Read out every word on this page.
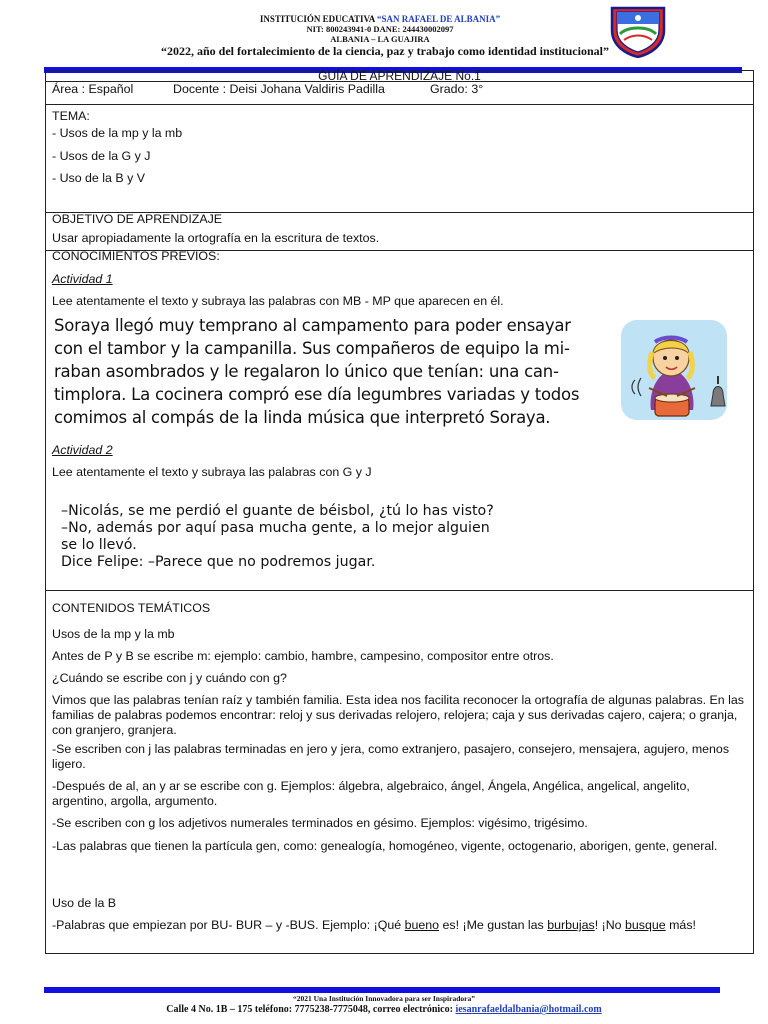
INSTITUCIÓN EDUCATIVA “SAN RAFAEL DE ALBANIA”
NIT: 800243941-0 DANE: 244430002097
ALBANIA – LA GUAJIRA
“2022, año del fortalecimiento de la ciencia, paz y trabajo como identidad institucional”
GUÍA DE APRENDIZAJE No.1
Área : Español	Docente : Deisi Johana Valdiris Padilla	Grado: 3°
TEMA:
- Usos de la mp y la mb
- Usos de la G y J
- Uso de la B y V
OBJETIVO DE APRENDIZAJE
Usar apropiadamente la ortografía en la escritura de textos.
CONOCIMIENTOS PREVIOS:
Actividad 1
Lee atentamente el texto y subraya las palabras con MB - MP que aparecen en él.
Soraya llegó muy temprano al campamento para poder ensayar
con el tambor y la campanilla. Sus compañeros de equipo la mi-
raban asombrados y le regalaron lo único que tenían: una can-
timplora. La cocinera compró ese día legumbres variadas y todos
comimos al compás de la linda música que interpretó Soraya.
Actividad 2
Lee atentamente el texto y subraya las palabras con G y J
–Nicolás, se me perdió el guante de béisbol, ¿tú lo has visto?
–No, además por aquí pasa mucha gente, a lo mejor alguien
se lo llevó.
Dice Felipe: –Parece que no podremos jugar.
CONTENIDOS TEMÁTICOS
Usos de la mp y la mb
Antes de P y B se escribe m: ejemplo: cambio, hambre, campesino, compositor entre otros.
¿Cuándo se escribe con j y cuándo con g?
Vimos que las palabras tenían raíz y también familia. Esta idea nos facilita reconocer la ortografía de algunas palabras. En las familias de palabras podemos encontrar: reloj y sus derivadas relojero, relojera; caja y sus derivadas cajero, cajera; o granja, con granjero, granjera.
-Se escriben con j las palabras terminadas en jero y jera, como extranjero, pasajero, consejero, mensajera, agujero, menos ligero.
-Después de al, an y ar se escribe con g. Ejemplos: álgebra, algebraico, ángel, Ángela, Angélica, angelical, angelito, argentino, argolla, argumento.
-Se escriben con g los adjetivos numerales terminados en gésimo. Ejemplos: vigésimo, trigésimo.
-Las palabras que tienen la partícula gen, como: genealogía, homogéneo, vigente, octogenario, aborigen, gente, general.
Uso de la B
-Palabras que empiezan por BU- BUR – y -BUS. Ejemplo: ¡Qué bueno es! ¡Me gustan las burbujas! ¡No busque más!
“2021 Una Institución Innovadora para ser Inspiradora”
Calle 4 No. 1B – 175 teléfono: 7775238-7775048, correo electrónico: iesanrafaeldalbania@hotmail.com
